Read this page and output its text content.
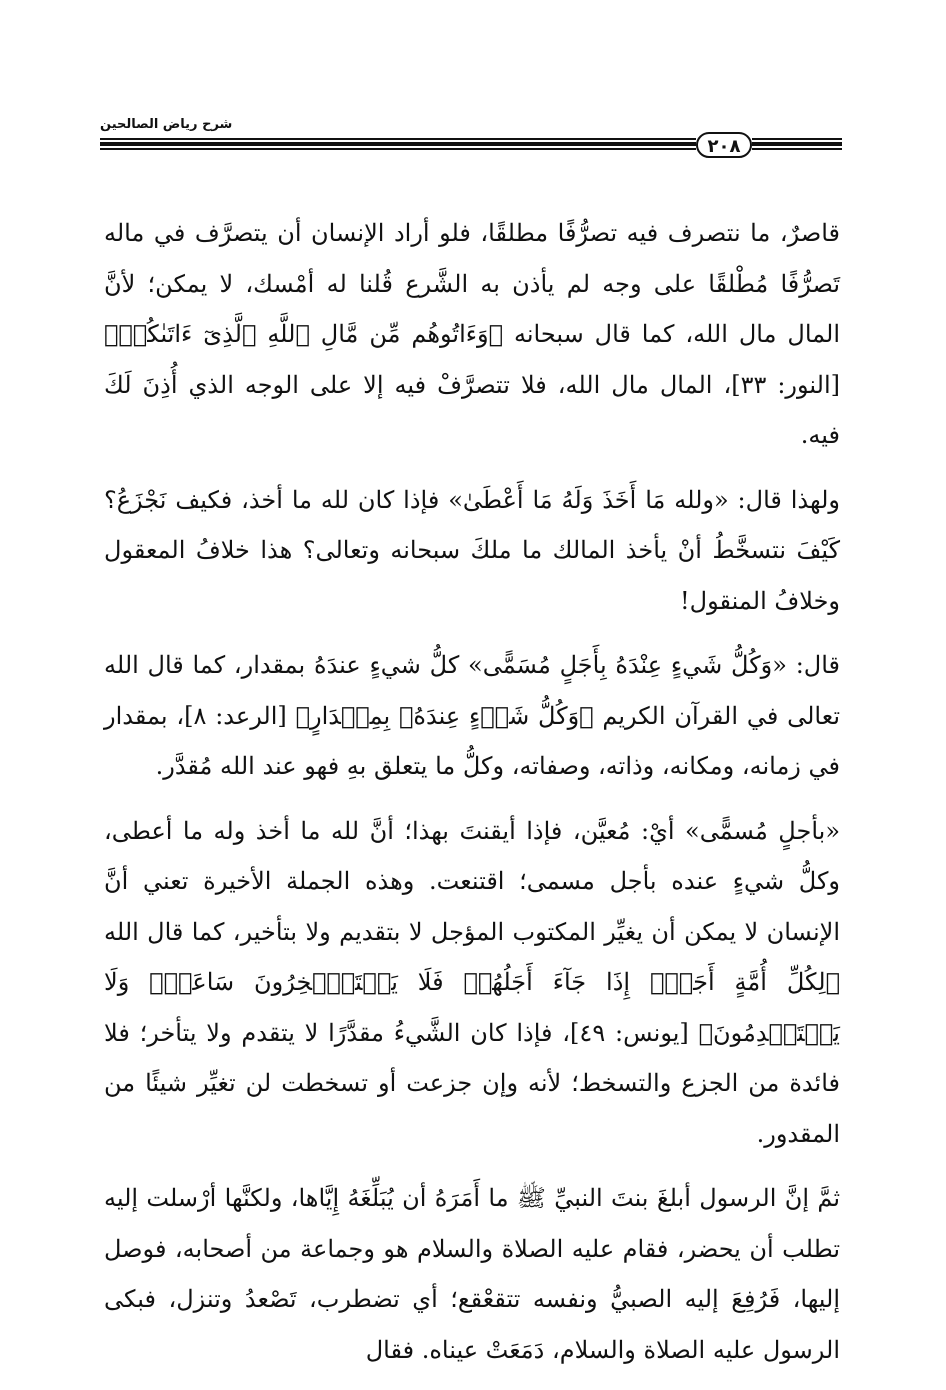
شرح رياض الصالحين
٢٠٨

قاصرٌ، ما نتصرف فيه تصرُّفًا مطلقًا، فلو أراد الإنسان أن يتصرَّف في ماله تَصرُّفًا مُطْلقًا على وجه لم يأذن به الشَّرع قُلنا له أمْسك، لا يمكن؛ لأنَّ المال مال الله، كما قال سبحانه ﴿وَءَاتُوهُم مِّن مَّالِ ٱللَّهِ ٱلَّذِىٓ ءَاتَىٰكُمۡ﴾ [النور: ٣٣]، المال مال الله، فلا تتصرَّفْ فيه إلا على الوجه الذي أُذِنَ لَكَ فيه.

ولهذا قال: «ولله مَا أَخَذَ وَلَهُ مَا أَعْطَىٰ» فإذا كان لله ما أخذ، فكيف نَجْزَعُ؟ كَيْفَ نتسخَّطُ أنْ يأخذ المالك ما ملكَ سبحانه وتعالى؟ هذا خلافُ المعقول وخلافُ المنقول!

قال: «وَكُلُّ شَيءٍ عِنْدَهُ بِأَجَلٍ مُسَمًّى» كلُّ شيءٍ عندَهُ بمقدار، كما قال الله تعالى في القرآن الكريم ﴿وَكُلُّ شَىۡءٍ عِندَهُۥ بِمِقۡدَارٍ﴾ [الرعد: ٨]، بمقدار في زمانه، ومكانه، وذاته، وصفاته، وكلُّ ما يتعلق بهِ فهو عند الله مُقدَّر.

«بأجلٍ مُسمًّى» أيْ: مُعيَّن، فإذا أيقنتَ بهذا؛ أنَّ لله ما أخذ وله ما أعطى، وكلُّ شيءٍ عنده بأجل مسمى؛ اقتنعت. وهذه الجملة الأخيرة تعني أنَّ الإنسان لا يمكن أن يغيِّر المكتوب المؤجل لا بتقديم ولا بتأخير، كما قال الله ﴿لِكُلِّ أُمَّةٍ أَجَلٌۚ إِذَا جَآءَ أَجَلُهُمۡ فَلَا يَسۡتَـٔۡخِرُونَ سَاعَةًۖ وَلَا يَسۡتَقۡدِمُونَ﴾ [يونس: ٤٩]، فإذا كان الشَّيءُ مقدَّرًا لا يتقدم ولا يتأخر؛ فلا فائدة من الجزع والتسخط؛ لأنه وإن جزعت أو تسخطت لن تغيِّر شيئًا من المقدور.

ثمَّ إنَّ الرسول أبلغَ بنتَ النبيِّ ﷺ ما أَمَرَهُ أن يُبَلِّغَهُ إِيَّاها، ولكنَّها أرْسلت إليه تطلب أن يحضر، فقام عليه الصلاة والسلام هو وجماعة من أصحابه، فوصل إليها، فَرُفِعَ إليه الصبيُّ ونفسه تتقعْقع؛ أي تضطرب، تَصْعدُ وتنزل، فبكى الرسول عليه الصلاة والسلام، دَمَعَتْ عيناه. فقال
